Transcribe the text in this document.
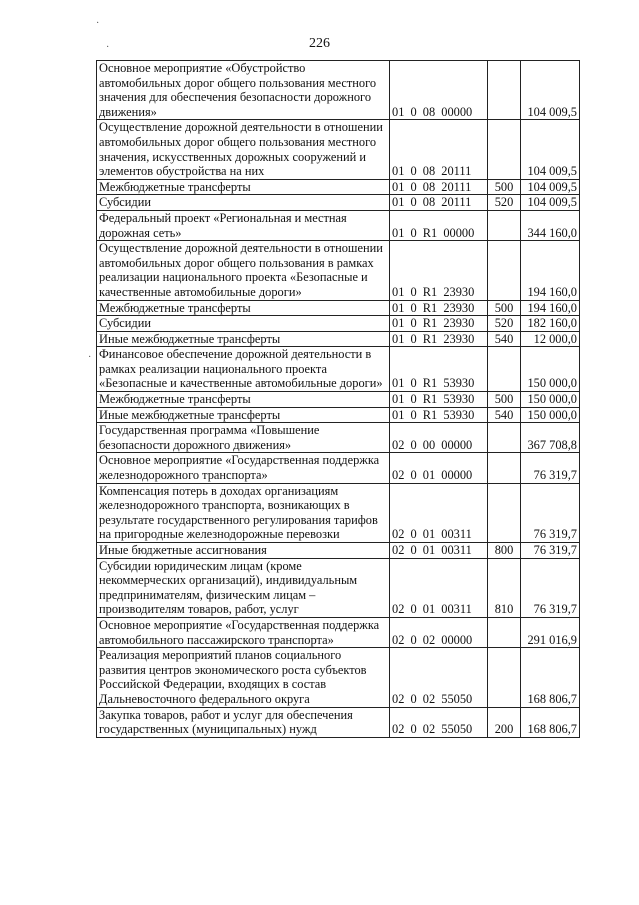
226
·
·
·
Основное мероприятие «Обустройство автомобильных дорог общего пользования местного значения для обеспечения безопасности дорожного движения»	01 0 08 00000		104 009,5
Осуществление дорожной деятельности в отношении автомобильных дорог общего пользования местного значения, искусственных дорожных сооружений и элементов обустройства на них	01 0 08 20111		104 009,5
Межбюджетные трансферты	01 0 08 20111	500	104 009,5
Субсидии	01 0 08 20111	520	104 009,5
Федеральный проект «Региональная и местная дорожная сеть»	01 0 R1 00000		344 160,0
Осуществление дорожной деятельности в отношении автомобильных дорог общего пользования в рамках реализации национального проекта «Безопасные и качественные автомобильные дороги»	01 0 R1 23930		194 160,0
Межбюджетные трансферты	01 0 R1 23930	500	194 160,0
Субсидии	01 0 R1 23930	520	182 160,0
Иные межбюджетные трансферты	01 0 R1 23930	540	12 000,0
Финансовое обеспечение дорожной деятельности в рамках реализации национального проекта «Безопасные и качественные автомобильные дороги»	01 0 R1 53930		150 000,0
Межбюджетные трансферты	01 0 R1 53930	500	150 000,0
Иные межбюджетные трансферты	01 0 R1 53930	540	150 000,0
Государственная программа «Повышение безопасности дорожного движения»	02 0 00 00000		367 708,8
Основное мероприятие «Государственная поддержка железнодорожного транспорта»	02 0 01 00000		76 319,7
Компенсация потерь в доходах организациям железнодорожного транспорта, возникающих в результате государственного регулирования тарифов на пригородные железнодорожные перевозки	02 0 01 00311		76 319,7
Иные бюджетные ассигнования	02 0 01 00311	800	76 319,7
Субсидии юридическим лицам (кроме некоммерческих организаций), индивидуальным предпринимателям, физическим лицам – производителям товаров, работ, услуг	02 0 01 00311	810	76 319,7
Основное мероприятие «Государственная поддержка автомобильного пассажирского транспорта»	02 0 02 00000		291 016,9
Реализация мероприятий планов социального развития центров экономического роста субъектов Российской Федерации, входящих в состав Дальневосточного федерального округа	02 0 02 55050		168 806,7
Закупка товаров, работ и услуг для обеспечения государственных (муниципальных) нужд	02 0 02 55050	200	168 806,7
